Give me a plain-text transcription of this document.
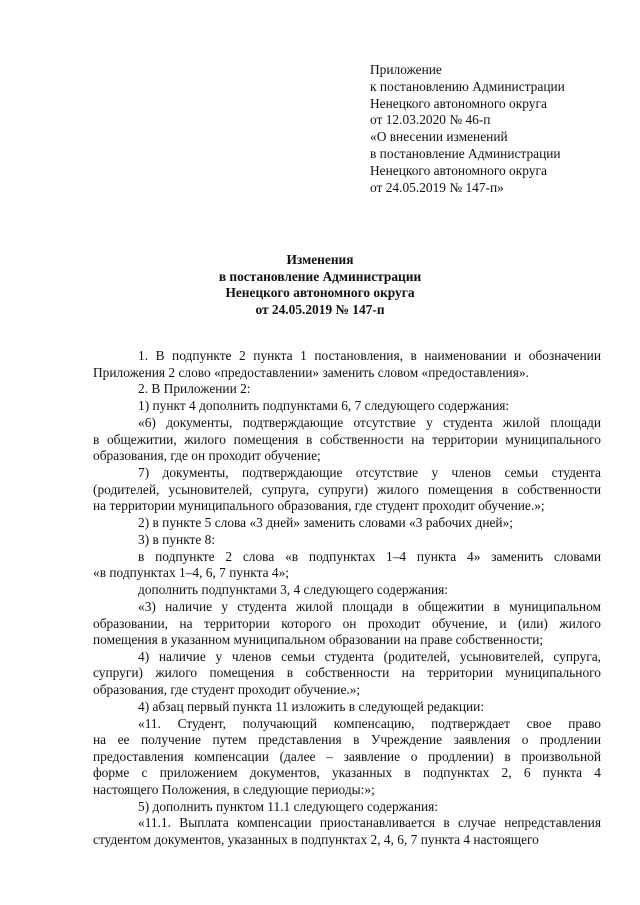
Приложение
к постановлению Администрации
Ненецкого автономного округа
от 12.03.2020 № 46-п
«О внесении изменений
в постановление Администрации
Ненецкого автономного округа
от 24.05.2019 № 147-п»
Изменения
в постановление Администрации
Ненецкого автономного округа
от 24.05.2019 № 147-п
1. В подпункте 2 пункта 1 постановления, в наименовании и обозначении
Приложения 2 слово «предоставлении» заменить словом «предоставления».
2. В Приложении 2:
1) пункт 4 дополнить подпунктами 6, 7 следующего содержания:
«6) документы, подтверждающие отсутствие у студента жилой площади
в общежитии, жилого помещения в собственности на территории муниципального
образования, где он проходит обучение;
7) документы, подтверждающие отсутствие у членов семьи студента
(родителей, усыновителей, супруга, супруги) жилого помещения в собственности
на территории муниципального образования, где студент проходит обучение.»;
2) в пункте 5 слова «3 дней» заменить словами «3 рабочих дней»;
3) в пункте 8:
в подпункте 2 слова «в подпунктах 1–4 пункта 4» заменить словами
«в подпунктах 1–4, 6, 7 пункта 4»;
дополнить подпунктами 3, 4 следующего содержания:
«3) наличие у студента жилой площади в общежитии в муниципальном
образовании, на территории которого он проходит обучение, и (или) жилого
помещения в указанном муниципальном образовании на праве собственности;
4) наличие у членов семьи студента (родителей, усыновителей, супруга,
супруги) жилого помещения в собственности на территории муниципального
образования, где студент проходит обучение.»;
4) абзац первый пункта 11 изложить в следующей редакции:
«11. Студент, получающий компенсацию, подтверждает свое право
на ее получение путем представления в Учреждение заявления о продлении
предоставления компенсации (далее – заявление о продлении) в произвольной
форме с приложением документов, указанных в подпунктах 2, 6 пункта 4
настоящего Положения, в следующие периоды:»;
5) дополнить пунктом 11.1 следующего содержания:
«11.1. Выплата компенсации приостанавливается в случае непредставления
студентом документов, указанных в подпунктах 2, 4, 6, 7 пункта 4 настоящего
